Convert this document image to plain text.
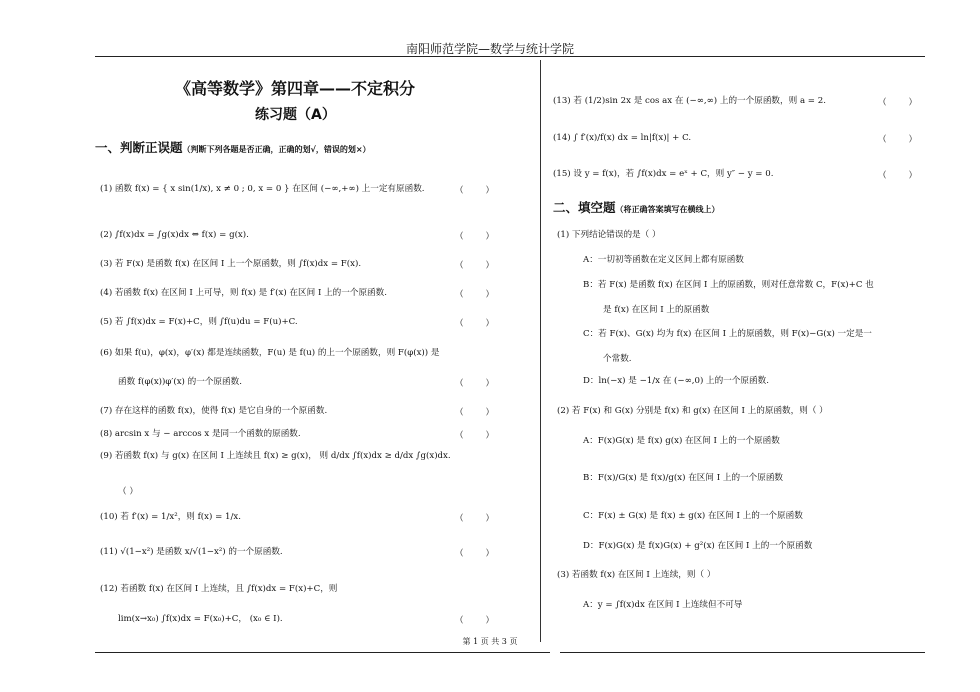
南阳师范学院—数学与统计学院
第 1 页 共 3 页
《高等数学》第四章——不定积分
练习题（A）
一、判断正误题（判断下列各题是否正确，正确的划√，错误的划×）
(1) 函数 f(x) = { x sin(1/x), x ≠ 0 ; 0, x = 0 } 在区间 (−∞,+∞) 上一定有原函数.
(2) ∫f(x)dx = ∫g(x)dx ⇔ f(x) = g(x).
(3) 若 F(x) 是函数 f(x) 在区间 I 上一个原函数，则 ∫f(x)dx = F(x).
(4) 若函数 f(x) 在区间 I 上可导，则 f(x) 是 f′(x) 在区间 I 上的一个原函数.
(5) 若 ∫f(x)dx = F(x)+C，则 ∫f(u)du = F(u)+C.
(6) 如果 f(u)，φ(x)，φ′(x) 都是连续函数，F(u) 是 f(u) 的上一个原函数，则 F(φ(x)) 是
函数 f(φ(x))φ′(x) 的一个原函数.
(7) 存在这样的函数 f(x)，使得 f(x) 是它自身的一个原函数.
(8) arcsin x 与 − arccos x 是同一个函数的原函数.
(9) 若函数 f(x) 与 g(x) 在区间 I 上连续且 f(x) ≥ g(x)， 则 d/dx ∫f(x)dx ≥ d/dx ∫g(x)dx.
（ ）
(10) 若 f′(x) = 1/x²，则 f(x) = 1/x.
(11) √(1−x²) 是函数 x/√(1−x²) 的一个原函数.
(12) 若函数 f(x) 在区间 I 上连续，且 ∫f(x)dx = F(x)+C，则
lim(x→x₀) ∫f(x)dx = F(x₀)+C， (x₀ ∈ I).
（        ）
（        ）
（        ）
（        ）
（        ）
（        ）
（        ）
（        ）
（        ）
（        ）
（        ）
(13) 若 (1/2)sin 2x 是 cos ax 在 (−∞,∞) 上的一个原函数，则 a = 2.
(14) ∫ f′(x)/f(x) dx = ln|f(x)| + C.
(15) 设 y = f(x)，若 ∫f(x)dx = eˣ + C，则 y″ − y = 0.
（        ）
（        ）
（        ）
二、填空题（将正确答案填写在横线上）
(1) 下列结论错误的是（ ）
A：一切初等函数在定义区间上都有原函数
B：若 F(x) 是函数 f(x) 在区间 I 上的原函数，则对任意常数 C，F(x)+C 也
是 f(x) 在区间 I 上的原函数
C：若 F(x)、G(x) 均为 f(x) 在区间 I 上的原函数，则 F(x)−G(x) 一定是一
个常数.
D：ln(−x) 是 −1/x 在 (−∞,0) 上的一个原函数.
(2) 若 F(x) 和 G(x) 分别是 f(x) 和 g(x) 在区间 I 上的原函数，则（ ）
A：F(x)G(x) 是 f(x) g(x) 在区间 I 上的一个原函数
B：F(x)/G(x) 是 f(x)/g(x) 在区间 I 上的一个原函数
C：F(x) ± G(x) 是 f(x) ± g(x) 在区间 I 上的一个原函数
D：F(x)G(x) 是 f(x)G(x) + g²(x) 在区间 I 上的一个原函数
(3) 若函数 f(x) 在区间 I 上连续，则（ ）
A：y = ∫f(x)dx 在区间 I 上连续但不可导
